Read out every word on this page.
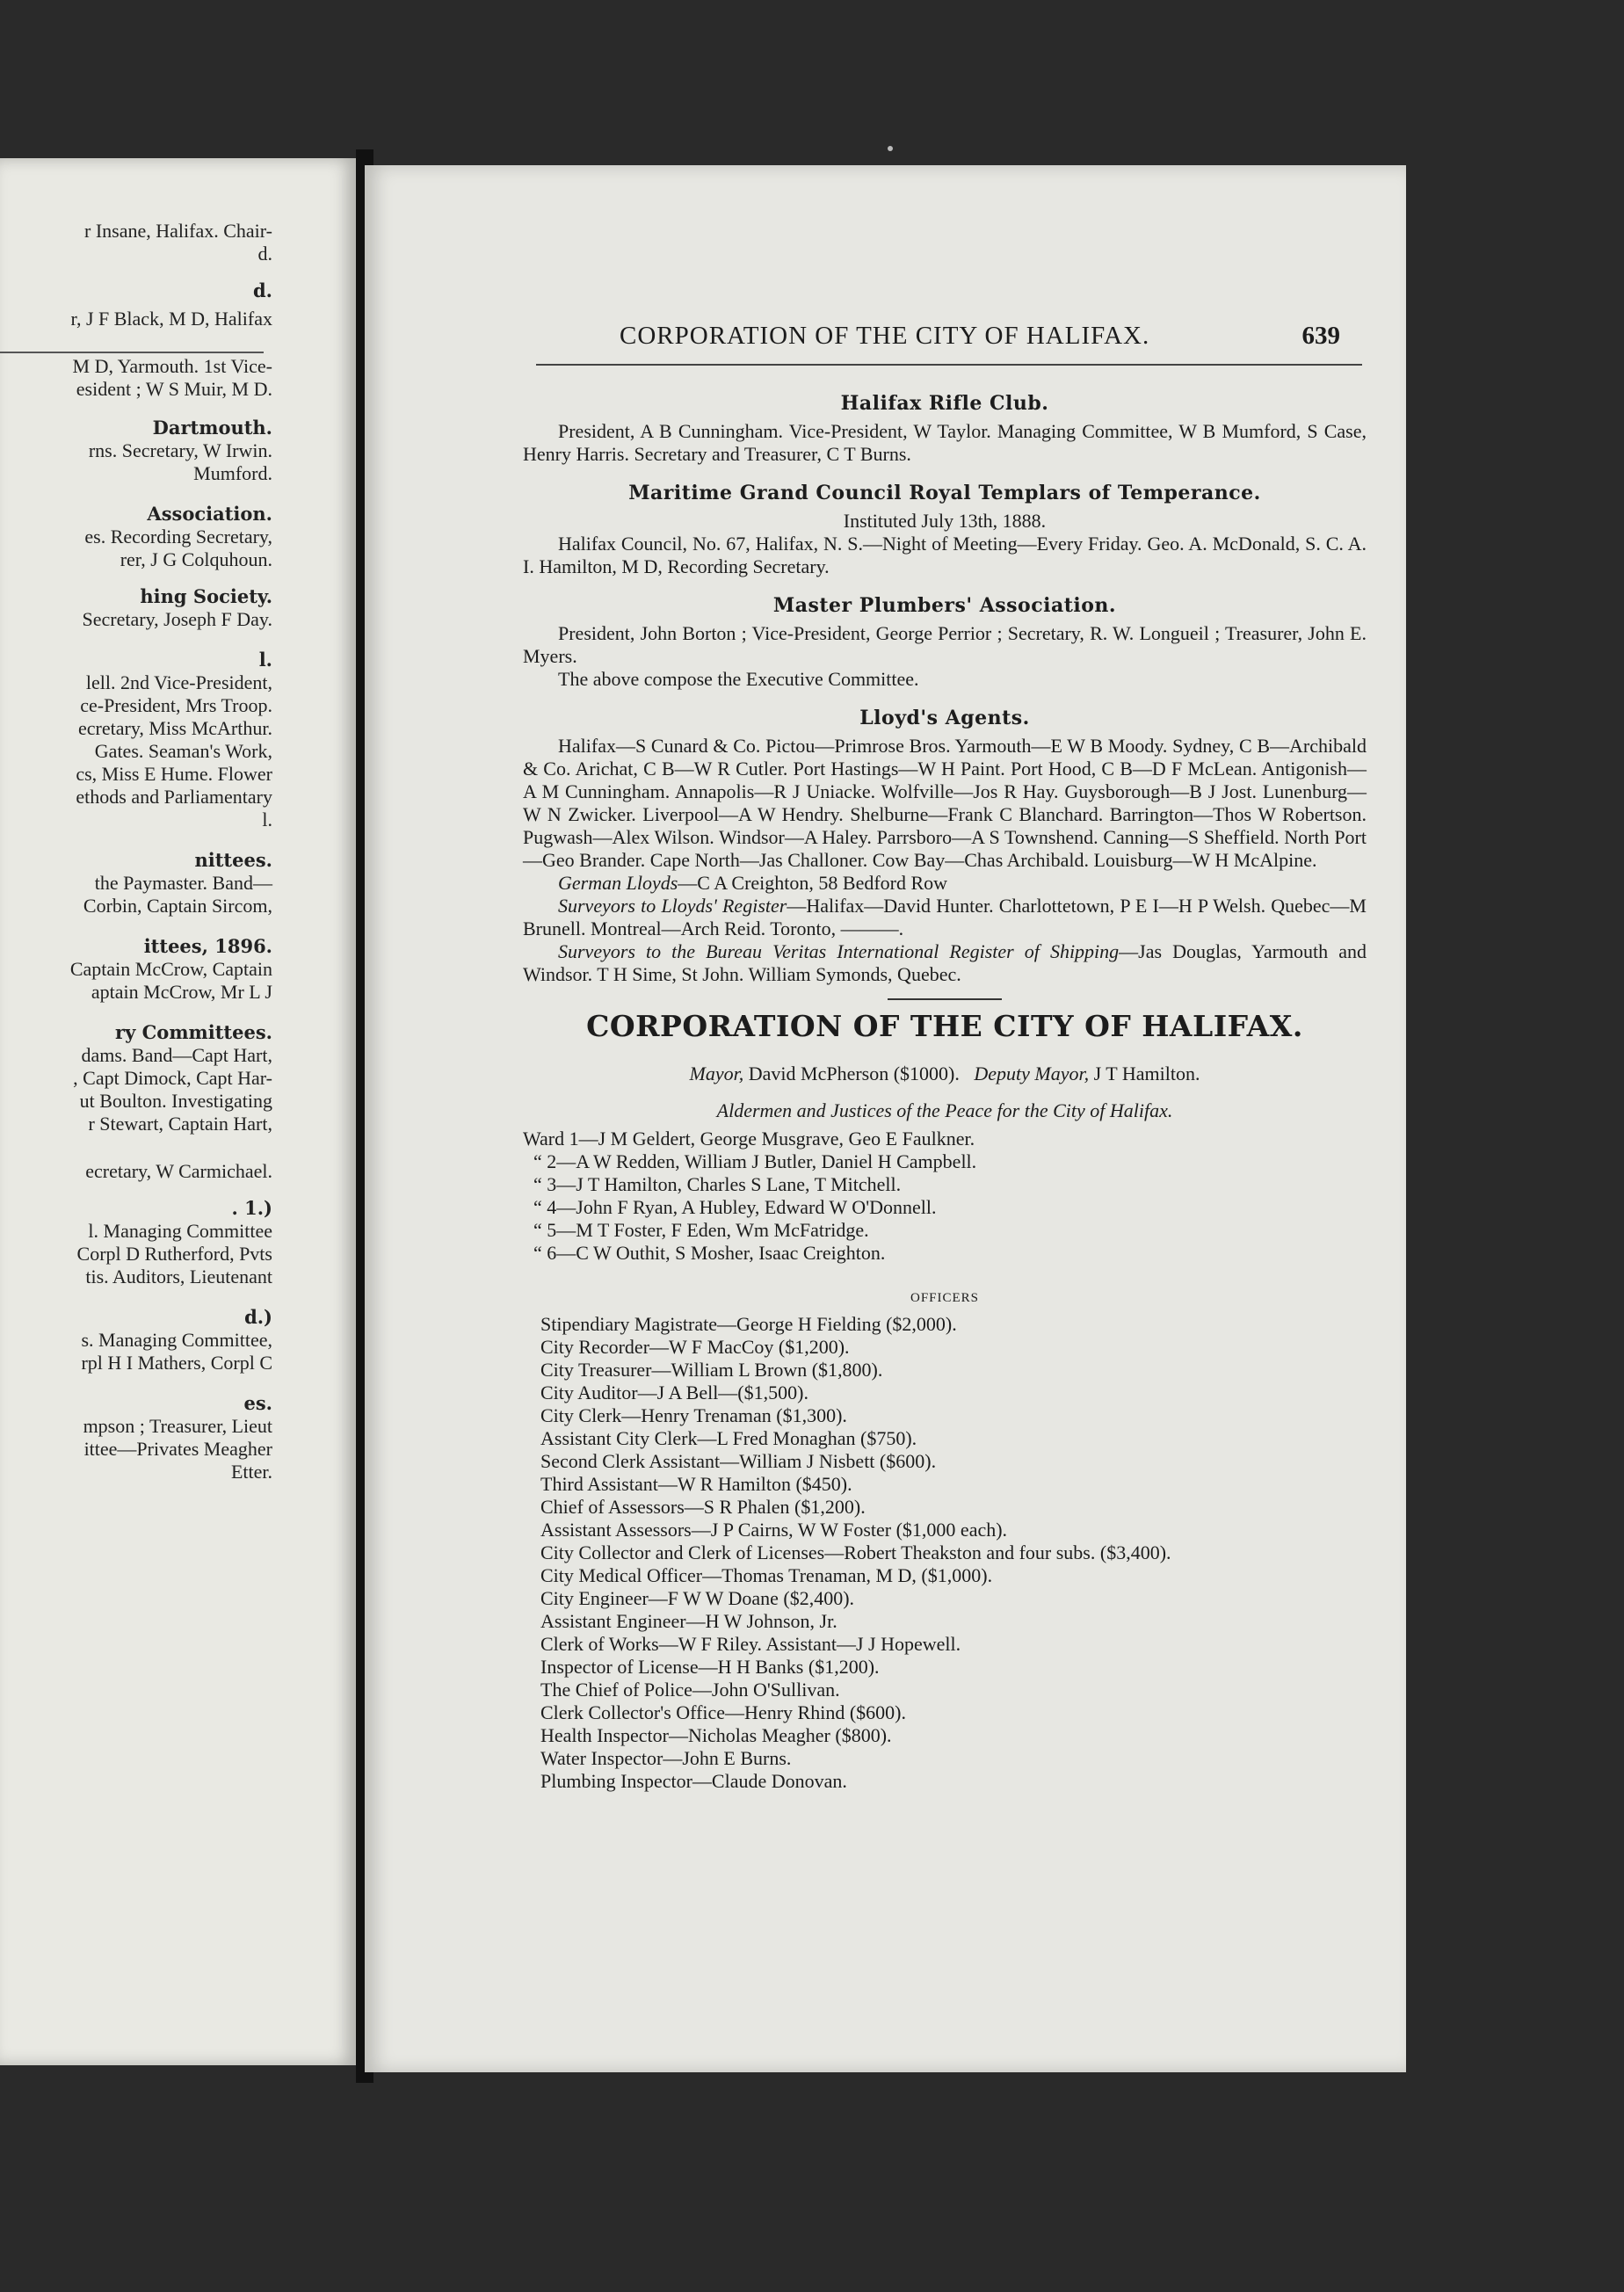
r Insane, Halifax. Chair-
d.
d.
r, J F Black, M D, Halifax
M D, Yarmouth. 1st Vice-
esident ; W S Muir, M D.
Dartmouth.
rns. Secretary, W Irwin.
Mumford.
Association.
es. Recording Secretary,
rer, J G Colquhoun.
hing Society.
Secretary, Joseph F Day.
l.
lell. 2nd Vice-President,
ce-President, Mrs Troop.
ecretary, Miss McArthur.
Gates. Seaman's Work,
cs, Miss E Hume. Flower
ethods and Parliamentary
l.
nittees.
the Paymaster. Band—
Corbin, Captain Sircom,
ittees, 1896.
Captain McCrow, Captain
aptain McCrow, Mr L J
ry Committees.
dams. Band—Capt Hart,
, Capt Dimock, Capt Har-
ut Boulton. Investigating
r Stewart, Captain Hart,
ecretary, W Carmichael.
. 1.)
l. Managing Committee
Corpl D Rutherford, Pvts
tis. Auditors, Lieutenant
d.)
s. Managing Committee,
rpl H I Mathers, Corpl C
es.
mpson ; Treasurer, Lieut
ittee—Privates Meagher
Etter.
CORPORATION OF THE CITY OF HALIFAX.	639
Halifax Rifle Club.

President, A B Cunningham. Vice-President, W Taylor. Managing Committee, W B Mumford, S Case, Henry Harris. Secretary and Treasurer, C T Burns.

Maritime Grand Council Royal Templars of Temperance.

Instituted July 13th, 1888.

Halifax Council, No. 67, Halifax, N. S.—Night of Meeting—Every Friday. Geo. A. McDonald, S. C. A. I. Hamilton, M D, Recording Secretary.

Master Plumbers' Association.

President, John Borton ; Vice-President, George Perrior ; Secretary, R. W. Longueil ; Treasurer, John E. Myers.

The above compose the Executive Committee.

Lloyd's Agents.

Halifax—S Cunard & Co. Pictou—Primrose Bros. Yarmouth—E W B Moody. Sydney, C B—Archibald & Co. Arichat, C B—W R Cutler. Port Hastings—W H Paint. Port Hood, C B—D F McLean. Antigonish—A M Cunningham. Annapolis—R J Uniacke. Wolfville—Jos R Hay. Guysborough—B J Jost. Lunenburg—W N Zwicker. Liverpool—A W Hendry. Shelburne—Frank C Blanchard. Barrington—Thos W Robertson. Pugwash—Alex Wilson. Windsor—A Haley. Parrsboro—A S Townshend. Canning—S Sheffield. North Port—Geo Brander. Cape North—Jas Challoner. Cow Bay—Chas Archibald. Louisburg—W H McAlpine.

German Lloyds—C A Creighton, 58 Bedford Row

Surveyors to Lloyds' Register—Halifax—David Hunter. Charlottetown, P E I—H P Welsh. Quebec—M Brunell. Montreal—Arch Reid. Toronto, ———.

Surveyors to the Bureau Veritas International Register of Shipping—Jas Douglas, Yarmouth and Windsor. T H Sime, St John. William Symonds, Quebec.

CORPORATION OF THE CITY OF HALIFAX.

Mayor, David McPherson ($1000). Deputy Mayor, J T Hamilton.

Aldermen and Justices of the Peace for the City of Halifax.

Ward 1—J M Geldert, George Musgrave, Geo E Faulkner.
“ 2—A W Redden, William J Butler, Daniel H Campbell.
“ 3—J T Hamilton, Charles S Lane, T Mitchell.
“ 4—John F Ryan, A Hubley, Edward W O'Donnell.
“ 5—M T Foster, F Eden, Wm McFatridge.
“ 6—C W Outhit, S Mosher, Isaac Creighton.
OFFICERS
Stipendiary Magistrate—George H Fielding ($2,000).
City Recorder—W F MacCoy ($1,200).
City Treasurer—William L Brown ($1,800).
City Auditor—J A Bell—($1,500).
City Clerk—Henry Trenaman ($1,300).
Assistant City Clerk—L Fred Monaghan ($750).
Second Clerk Assistant—William J Nisbett ($600).
Third Assistant—W R Hamilton ($450).
Chief of Assessors—S R Phalen ($1,200).
Assistant Assessors—J P Cairns, W W Foster ($1,000 each).
City Collector and Clerk of Licenses—Robert Theakston and four subs. ($3,400).
City Medical Officer—Thomas Trenaman, M D, ($1,000).
City Engineer—F W W Doane ($2,400).
Assistant Engineer—H W Johnson, Jr.
Clerk of Works—W F Riley. Assistant—J J Hopewell.
Inspector of License—H H Banks ($1,200).
The Chief of Police—John O'Sullivan.
Clerk Collector's Office—Henry Rhind ($600).
Health Inspector—Nicholas Meagher ($800).
Water Inspector—John E Burns.
Plumbing Inspector—Claude Donovan.
